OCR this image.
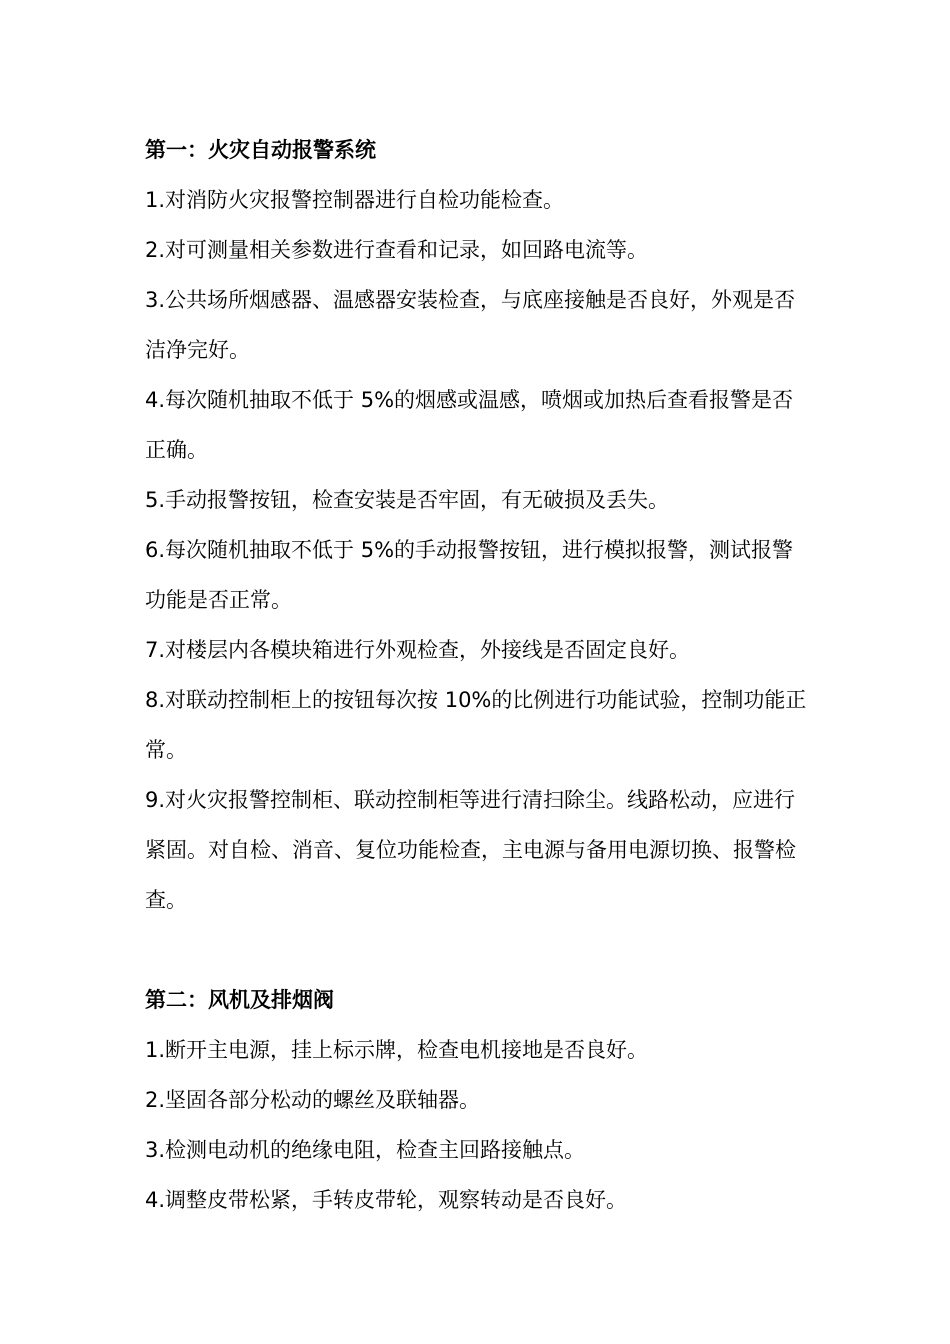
第一：火灾自动报警系统

1.对消防火灾报警控制器进行自检功能检查。

2.对可测量相关参数进行查看和记录，如回路电流等。

3.公共场所烟感器、温感器安装检查，与底座接触是否良好，外观是否洁净完好。

4.每次随机抽取不低于 5%的烟感或温感，喷烟或加热后查看报警是否正确。

5.手动报警按钮，检查安装是否牢固，有无破损及丢失。

6.每次随机抽取不低于 5%的手动报警按钮，进行模拟报警，测试报警功能是否正常。

7.对楼层内各模块箱进行外观检查，外接线是否固定良好。

8.对联动控制柜上的按钮每次按 10%的比例进行功能试验，控制功能正常。

9.对火灾报警控制柜、联动控制柜等进行清扫除尘。线路松动，应进行紧固。对自检、消音、复位功能检查，主电源与备用电源切换、报警检查。

第二：风机及排烟阀

1.断开主电源，挂上标示牌，检查电机接地是否良好。

2.坚固各部分松动的螺丝及联轴器。

3.检测电动机的绝缘电阻，检查主回路接触点。

4.调整皮带松紧，手转皮带轮，观察转动是否良好。
